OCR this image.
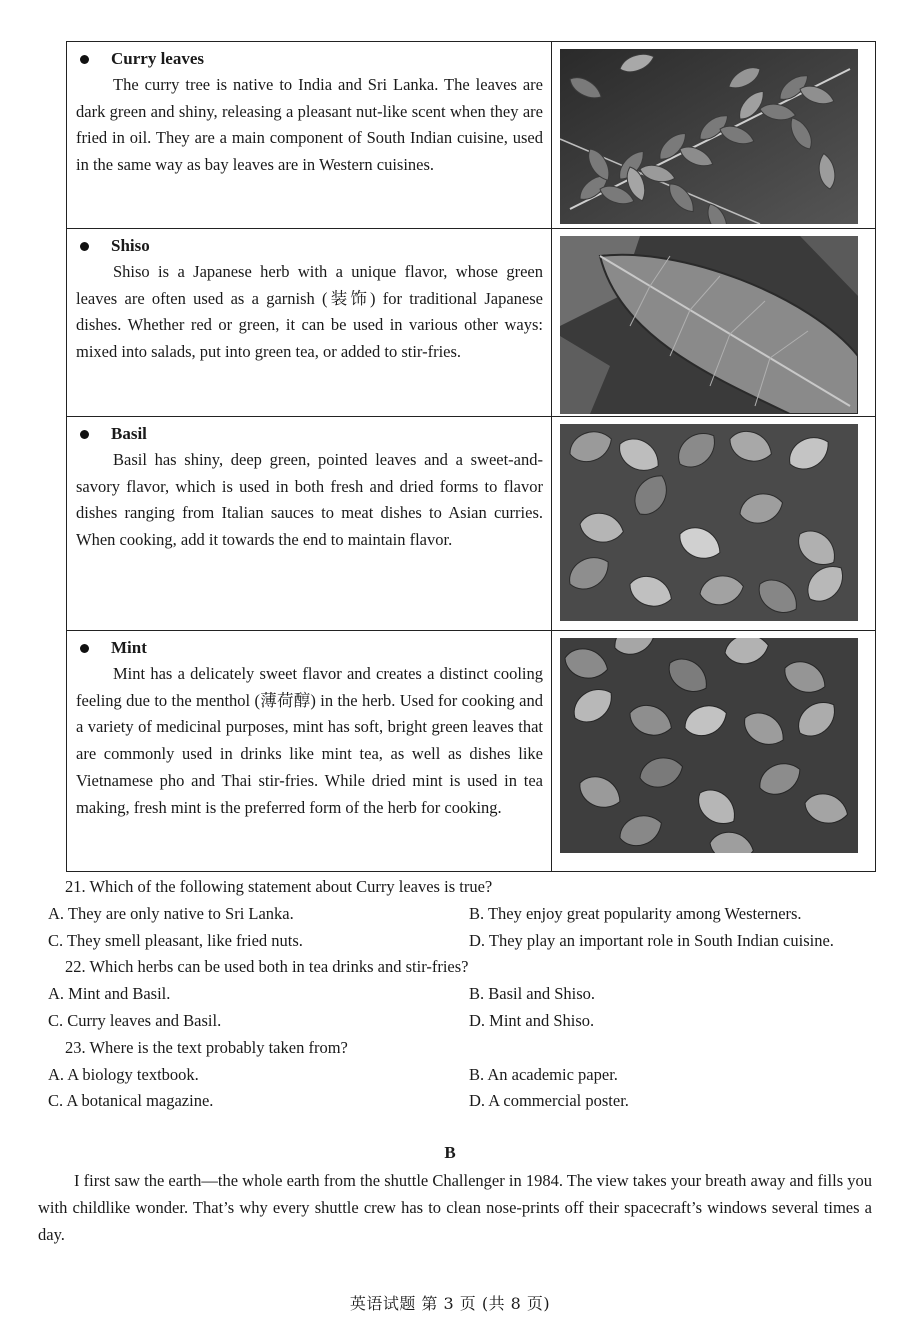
Curry leaves

The curry tree is native to India and Sri Lanka. The leaves are dark green and shiny, releasing a pleasant nut-like scent when they are fried in oil. They are a main component of South Indian cuisine, used in the same way as bay leaves are in Western cuisines.

Shiso

Shiso is a Japanese herb with a unique flavor, whose green leaves are often used as a garnish (装饰) for traditional Japanese dishes. Whether red or green, it can be used in various other ways: mixed into salads, put into green tea, or added to stir-fries.

Basil

Basil has shiny, deep green, pointed leaves and a sweet-and-savory flavor, which is used in both fresh and dried forms to flavor dishes ranging from Italian sauces to meat dishes to Asian curries. When cooking, add it towards the end to maintain flavor.

Mint

Mint has a delicately sweet flavor and creates a distinct cooling feeling due to the menthol (薄荷醇) in the herb. Used for cooking and a variety of medicinal purposes, mint has soft, bright green leaves that are commonly used in drinks like mint tea, as well as dishes like Vietnamese pho and Thai stir-fries. While dried mint is used in tea making, fresh mint is the preferred form of the herb for cooking.

21. Which of the following statement about Curry leaves is true?

A. They are only native to Sri Lanka.	B. They enjoy great popularity among Westerners.
C. They smell pleasant, like fried nuts.	D. They play an important role in South Indian cuisine.

22. Which herbs can be used both in tea drinks and stir-fries?

A. Mint and Basil.	B. Basil and Shiso.
C. Curry leaves and Basil.	D. Mint and Shiso.

23. Where is the text probably taken from?

A. A biology textbook.	B. An academic paper.
C. A botanical magazine.	D. A commercial poster.
B

I first saw the earth—the whole earth from the shuttle Challenger in 1984. The view takes your breath away and fills you with childlike wonder. That’s why every shuttle crew has to clean nose-prints off their spacecraft’s windows several times a day.

英语试题 第 3 页 (共 8 页)
